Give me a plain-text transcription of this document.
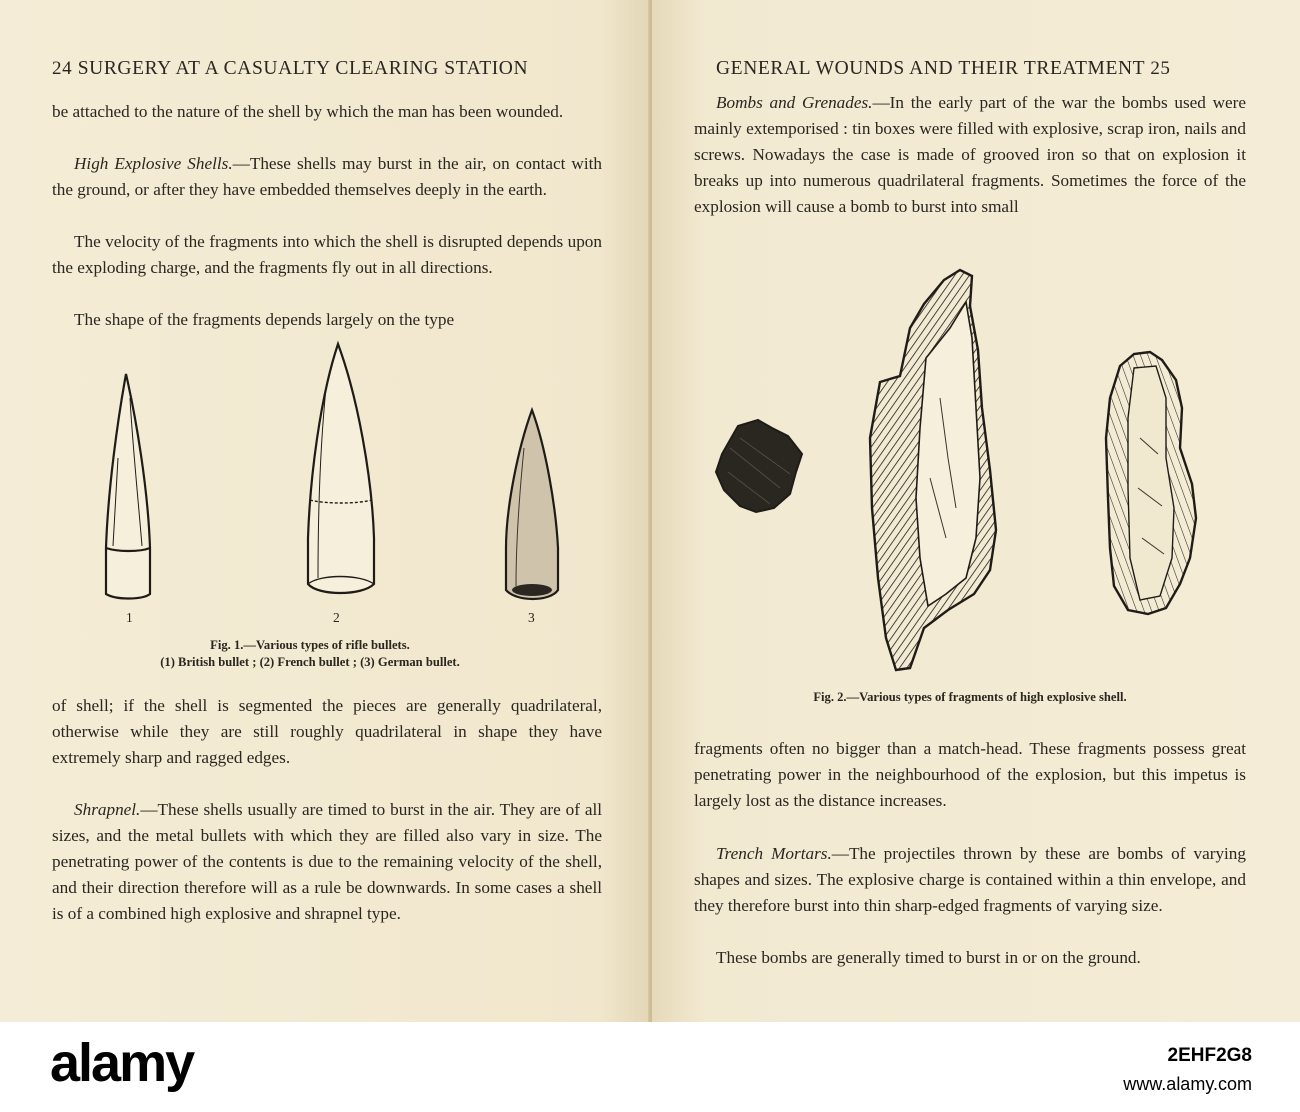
24 SURGERY AT A CASUALTY CLEARING STATION

be attached to the nature of the shell by which the man has been wounded.

High Explosive Shells.—These shells may burst in the air, on contact with the ground, or after they have embedded themselves deeply in the earth.

The velocity of the fragments into which the shell is disrupted depends upon the exploding charge, and the fragments fly out in all directions.

The shape of the fragments depends largely on the type

1	2	3
Fig. 1.—Various types of rifle bullets.
(1) British bullet ; (2) French bullet ; (3) German bullet.

of shell; if the shell is segmented the pieces are generally quadrilateral, otherwise while they are still roughly quadrilateral in shape they have extremely sharp and ragged edges.

Shrapnel.—These shells usually are timed to burst in the air. They are of all sizes, and the metal bullets with which they are filled also vary in size. The penetrating power of the contents is due to the remaining velocity of the shell, and their direction therefore will as a rule be downwards. In some cases a shell is of a combined high explosive and shrapnel type.

GENERAL WOUNDS AND THEIR TREATMENT 25

Bombs and Grenades.—In the early part of the war the bombs used were mainly extemporised : tin boxes were filled with explosive, scrap iron, nails and screws. Nowadays the case is made of grooved iron so that on explosion it breaks up into numerous quadrilateral fragments. Sometimes the force of the explosion will cause a bomb to burst into small

Fig. 2.—Various types of fragments of high explosive shell.

fragments often no bigger than a match-head. These fragments possess great penetrating power in the neighbourhood of the explosion, but this impetus is largely lost as the distance increases.

Trench Mortars.—The projectiles thrown by these are bombs of varying shapes and sizes. The explosive charge is contained within a thin envelope, and they therefore burst into thin sharp-edged fragments of varying size.

These bombs are generally timed to burst in or on the ground.

alamy	2EHF2G8
www.alamy.com
